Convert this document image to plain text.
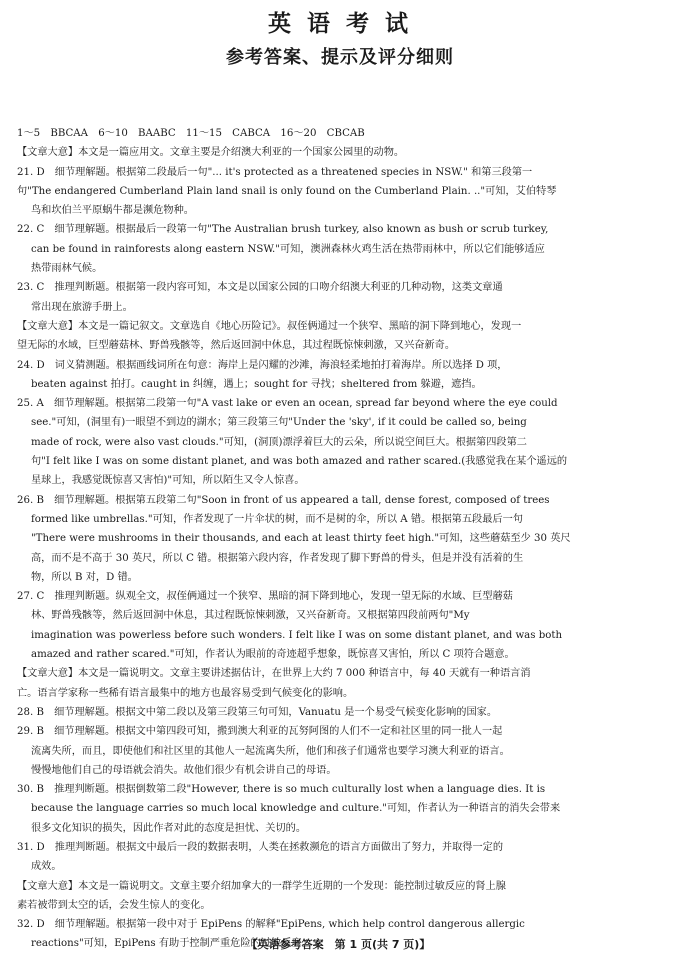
英 语 考 试
参考答案、提示及评分细则
1～5　BBCAA　6～10　BAABC　11～15　CABCA　16～20　CBCAB
【文章大意】本文是一篇应用文。文章主要是介绍澳大利亚的一个国家公园里的动物。
21. D　细节理解题。根据第二段最后一句"... it's protected as a threatened species in NSW." 和第三段第一
句"The endangered Cumberland Plain land snail is only found on the Cumberland Plain. .."可知，艾伯特琴
鸟和坎伯兰平原蜗牛都是濒危物种。
22. C　细节理解题。根据最后一段第一句"The Australian brush turkey, also known as bush or scrub turkey,
can be found in rainforests along eastern NSW."可知，澳洲森林火鸡生活在热带雨林中，所以它们能够适应
热带雨林气候。
23. C　推理判断题。根据第一段内容可知，本文是以国家公园的口吻介绍澳大利亚的几种动物，这类文章通
常出现在旅游手册上。
【文章大意】本文是一篇记叙文。文章选自《地心历险记》。叔侄俩通过一个狭窄、黑暗的洞下降到地心，发现一
望无际的水域，巨型蘑菇林、野兽残骸等，然后返回洞中休息，其过程既惊悚刺激，又兴奋新奇。
24. D　词义猜测题。根据画线词所在句意：海岸上是闪耀的沙滩，海浪轻柔地拍打着海岸。所以选择 D 项，
beaten against 拍打。caught in 纠缠，遇上；sought for 寻找；sheltered from 躲避，遮挡。
25. A　细节理解题。根据第二段第一句"A vast lake or even an ocean, spread far beyond where the eye could
see."可知，(洞里有)一眼望不到边的湖水；第三段第三句"Under the 'sky', if it could be called so, being
made of rock, were also vast clouds."可知，(洞顶)漂浮着巨大的云朵，所以说空间巨大。根据第四段第二
句"I felt like I was on some distant planet, and was both amazed and rather scared.(我感觉我在某个遥远的
星球上，我感觉既惊喜又害怕)"可知，所以陌生又令人惊喜。
26. B　细节理解题。根据第五段第二句"Soon in front of us appeared a tall, dense forest, composed of trees
formed like umbrellas."可知，作者发现了一片伞状的树，而不是树的伞，所以 A 错。根据第五段最后一句
"There were mushrooms in their thousands, and each at least thirty feet high."可知，这些蘑菇至少 30 英尺
高，而不是不高于 30 英尺，所以 C 错。根据第六段内容，作者发现了脚下野兽的骨头，但是并没有活着的生
物，所以 B 对，D 错。
27. C　推理判断题。纵观全文，叔侄俩通过一个狭窄、黑暗的洞下降到地心，发现一望无际的水域、巨型蘑菇
林、野兽残骸等，然后返回洞中休息，其过程既惊悚刺激，又兴奋新奇。又根据第四段前两句"My
imagination was powerless before such wonders. I felt like I was on some distant planet, and was both
amazed and rather scared."可知，作者认为眼前的奇迹超乎想象，既惊喜又害怕，所以 C 项符合题意。
【文章大意】本文是一篇说明文。文章主要讲述据估计，在世界上大约 7 000 种语言中，每 40 天就有一种语言消
亡。语言学家称一些稀有语言最集中的地方也最容易受到气候变化的影响。
28. B　细节理解题。根据文中第二段以及第三段第三句可知，Vanuatu 是一个易受气候变化影响的国家。
29. B　细节理解题。根据文中第四段可知，搬到澳大利亚的瓦努阿图的人们不一定和社区里的同一批人一起
流离失所，而且，即使他们和社区里的其他人一起流离失所，他们和孩子们通常也要学习澳大利亚的语言。
慢慢地他们自己的母语就会消失。故他们很少有机会讲自己的母语。
30. B　推理判断题。根据倒数第二段"However, there is so much culturally lost when a language dies. It is
because the language carries so much local knowledge and culture."可知，作者认为一种语言的消失会带来
很多文化知识的损失，因此作者对此的态度是担忧、关切的。
31. D　推理判断题。根据文中最后一段的数据表明，人类在拯救濒危的语言方面做出了努力，并取得一定的
成效。
【文章大意】本文是一篇说明文。文章主要介绍加拿大的一群学生近期的一个发现：能控制过敏反应的肾上腺
素若被带到太空的话，会发生惊人的变化。
32. D　细节理解题。根据第一段中对于 EpiPens 的解释"EpiPens, which help control dangerous allergic
reactions"可知，EpiPens 有助于控制严重危险的过敏反应。
【英语参考答案　第 1 页(共 7 页)】
